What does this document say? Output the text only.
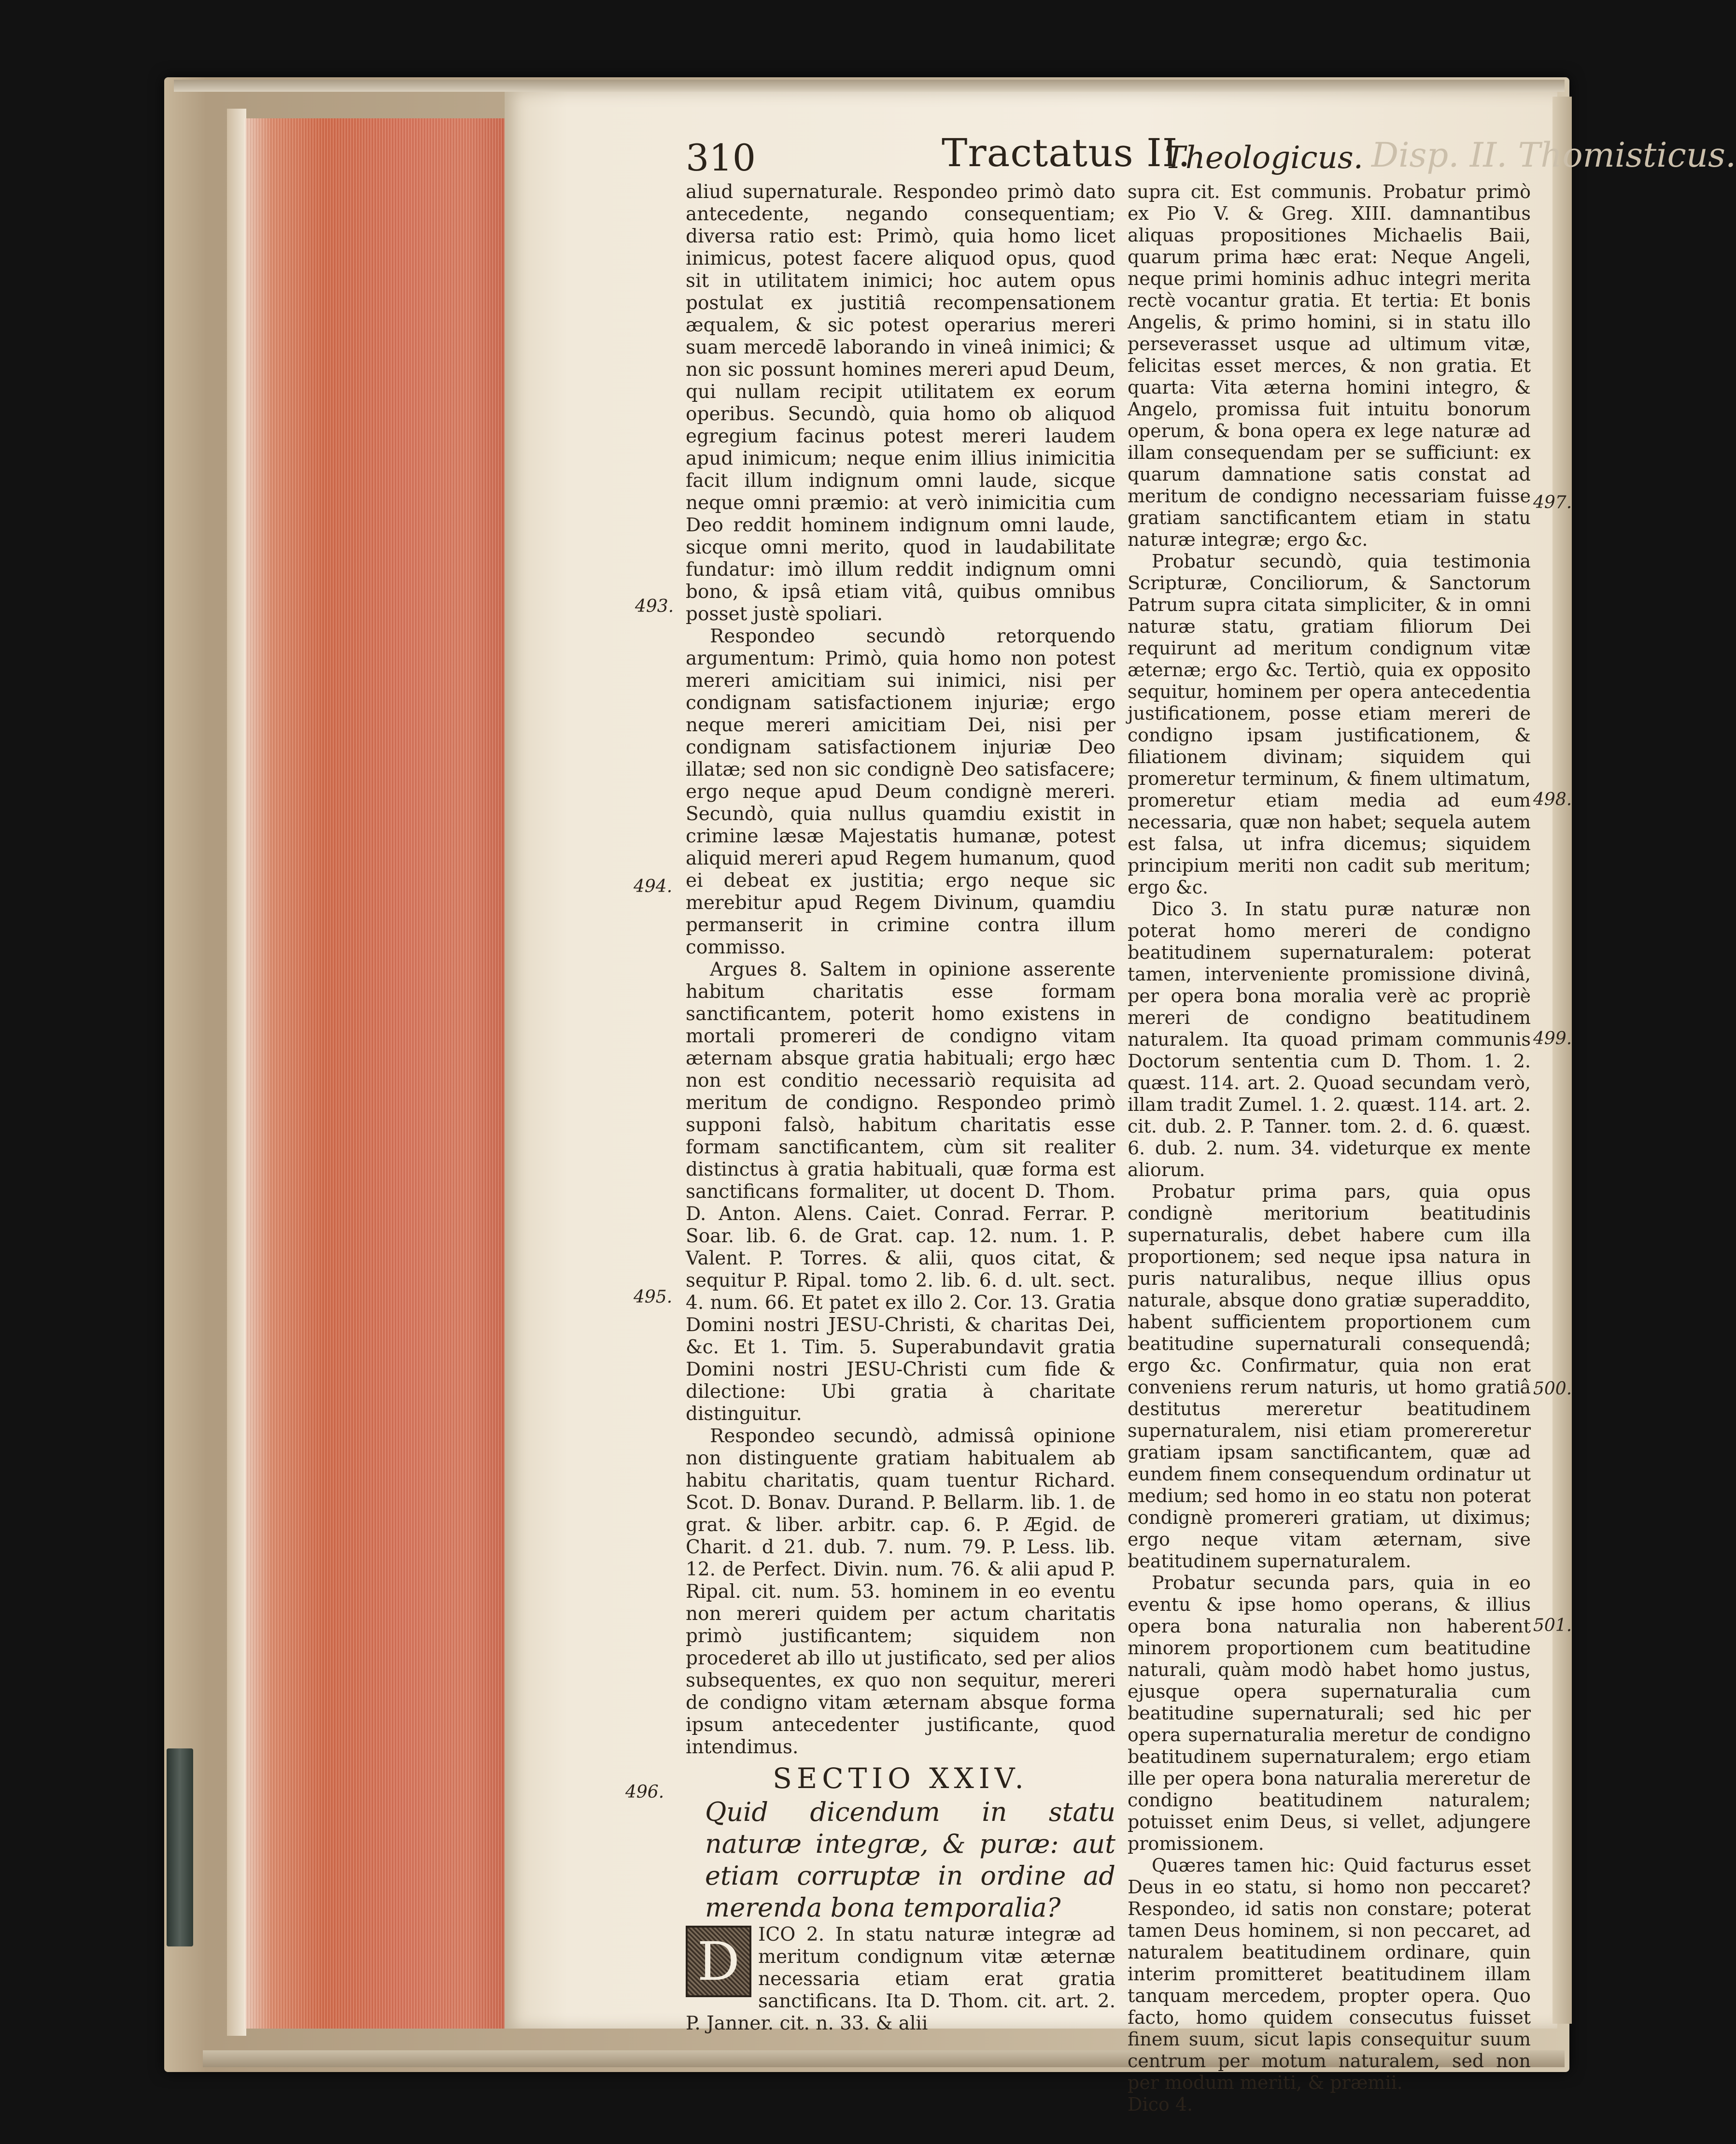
310	Tractatus II.
Theologicus. Disp. II. Thomisticus.
493.
494.
495.
496.
497.
498.
499.
500.
501.

aliud supernaturale. Respondeo primò dato antecedente, negando consequentiam; diversa ratio est: Primò, quia homo licet inimicus, potest facere aliquod opus, quod sit in utilitatem inimici; hoc autem opus postulat ex justitiâ recompensationem æqualem, & sic potest operarius mereri suam mercedē laborando in vineâ inimici; & non sic possunt homines mereri apud Deum, qui nullam recipit utilitatem ex eorum operibus. Secundò, quia homo ob aliquod egregium facinus potest mereri laudem apud inimicum; neque enim illius inimicitia facit illum indignum omni laude, sicque neque omni præmio: at verò inimicitia cum Deo reddit hominem indignum omni laude, sicque omni merito, quod in laudabilitate fundatur: imò illum reddit indignum omni bono, & ipsâ etiam vitâ, quibus omnibus posset justè spoliari.

Respondeo secundò retorquendo argumentum: Primò, quia homo non potest mereri amicitiam sui inimici, nisi per condignam satisfactionem injuriæ; ergo neque mereri amicitiam Dei, nisi per condignam satisfactionem injuriæ Deo illatæ; sed non sic condignè Deo satisfacere; ergo neque apud Deum condignè mereri. Secundò, quia nullus quamdiu existit in crimine læsæ Majestatis humanæ, potest aliquid mereri apud Regem humanum, quod ei debeat ex justitia; ergo neque sic merebitur apud Regem Divinum, quamdiu permanserit in crimine contra illum commisso.

Argues 8. Saltem in opinione asserente habitum charitatis esse formam sanctificantem, poterit homo existens in mortali promereri de condigno vitam æternam absque gratia habituali; ergo hæc non est conditio necessariò requisita ad meritum de condigno. Respondeo primò supponi falsò, habitum charitatis esse formam sanctificantem, cùm sit realiter distinctus à gratia habituali, quæ forma est sanctificans formaliter, ut docent D. Thom. D. Anton. Alens. Caiet. Conrad. Ferrar. P. Soar. lib. 6. de Grat. cap. 12. num. 1. P. Valent. P. Torres. & alii, quos citat, & sequitur P. Ripal. tomo 2. lib. 6. d. ult. sect. 4. num. 66. Et patet ex illo 2. Cor. 13. Gratia Domini nostri JESU-Christi, & charitas Dei, &c. Et 1. Tim. 5. Superabundavit gratia Domini nostri JESU-Christi cum fide & dilectione: Ubi gratia à charitate distinguitur.

Respondeo secundò, admissâ opinione non distinguente gratiam habitualem ab habitu charitatis, quam tuentur Richard. Scot. D. Bonav. Durand. P. Bellarm. lib. 1. de grat. & liber. arbitr. cap. 6. P. Ægid. de Charit. d 21. dub. 7. num. 79. P. Less. lib. 12. de Perfect. Divin. num. 76. & alii apud P. Ripal. cit. num. 53. hominem in eo eventu non mereri quidem per actum charitatis primò justificantem; siquidem non procederet ab illo ut justificato, sed per alios subsequentes, ex quo non sequitur, mereri de condigno vitam æternam absque forma ipsum antecedenter justificante, quod intendimus.

SECTIO XXIV.

Quid dicendum in statu naturæ integræ, & puræ: aut etiam corruptæ in ordine ad merenda bona temporalia?

D ICO 2. In statu naturæ integræ ad meritum condignum vitæ æternæ necessaria etiam erat gratia sanctificans. Ita D. Thom. cit. art. 2. P. Janner. cit. n. 33. & alii

supra cit. Est communis. Probatur primò ex Pio V. & Greg. XIII. damnantibus aliquas propositiones Michaelis Baii, quarum prima hæc erat: Neque Angeli, neque primi hominis adhuc integri merita rectè vocantur gratia. Et tertia: Et bonis Angelis, & primo homini, si in statu illo perseverasset usque ad ultimum vitæ, felicitas esset merces, & non gratia. Et quarta: Vita æterna homini integro, & Angelo, promissa fuit intuitu bonorum operum, & bona opera ex lege naturæ ad illam consequendam per se sufficiunt: ex quarum damnatione satis constat ad meritum de condigno necessariam fuisse gratiam sanctificantem etiam in statu naturæ integræ; ergo &c.

Probatur secundò, quia testimonia Scripturæ, Conciliorum, & Sanctorum Patrum supra citata simpliciter, & in omni naturæ statu, gratiam filiorum Dei requirunt ad meritum condignum vitæ æternæ; ergo &c. Tertiò, quia ex opposito sequitur, hominem per opera antecedentia justificationem, posse etiam mereri de condigno ipsam justificationem, & filiationem divinam; siquidem qui promeretur terminum, & finem ultimatum, promeretur etiam media ad eum necessaria, quæ non habet; sequela autem est falsa, ut infra dicemus; siquidem principium meriti non cadit sub meritum; ergo &c.

Dico 3. In statu puræ naturæ non poterat homo mereri de condigno beatitudinem supernaturalem: poterat tamen, interveniente promissione divinâ, per opera bona moralia verè ac propriè mereri de condigno beatitudinem naturalem. Ita quoad primam communis Doctorum sententia cum D. Thom. 1. 2. quæst. 114. art. 2. Quoad secundam verò, illam tradit Zumel. 1. 2. quæst. 114. art. 2. cit. dub. 2. P. Tanner. tom. 2. d. 6. quæst. 6. dub. 2. num. 34. videturque ex mente aliorum.

Probatur prima pars, quia opus condignè meritorium beatitudinis supernaturalis, debet habere cum illa proportionem; sed neque ipsa natura in puris naturalibus, neque illius opus naturale, absque dono gratiæ superaddito, habent sufficientem proportionem cum beatitudine supernaturali consequendâ; ergo &c. Confirmatur, quia non erat conveniens rerum naturis, ut homo gratiâ destitutus mereretur beatitudinem supernaturalem, nisi etiam promereretur gratiam ipsam sanctificantem, quæ ad eundem finem consequendum ordinatur ut medium; sed homo in eo statu non poterat condignè promereri gratiam, ut diximus; ergo neque vitam æternam, sive beatitudinem supernaturalem.

Probatur secunda pars, quia in eo eventu & ipse homo operans, & illius opera bona naturalia non haberent minorem proportionem cum beatitudine naturali, quàm modò habet homo justus, ejusque opera supernaturalia cum beatitudine supernaturali; sed hic per opera supernaturalia meretur de condigno beatitudinem supernaturalem; ergo etiam ille per opera bona naturalia mereretur de condigno beatitudinem naturalem; potuisset enim Deus, si vellet, adjungere promissionem.

Quæres tamen hic: Quid facturus esset Deus in eo statu, si homo non peccaret? Respondeo, id satis non constare; poterat tamen Deus hominem, si non peccaret, ad naturalem beatitudinem ordinare, quin interim promitteret beatitudinem illam tanquam mercedem, propter opera. Quo facto, homo quidem consecutus fuisset finem suum, sicut lapis consequitur suum centrum per motum naturalem, sed non per modum meriti, & præmii.

Dico 4.
